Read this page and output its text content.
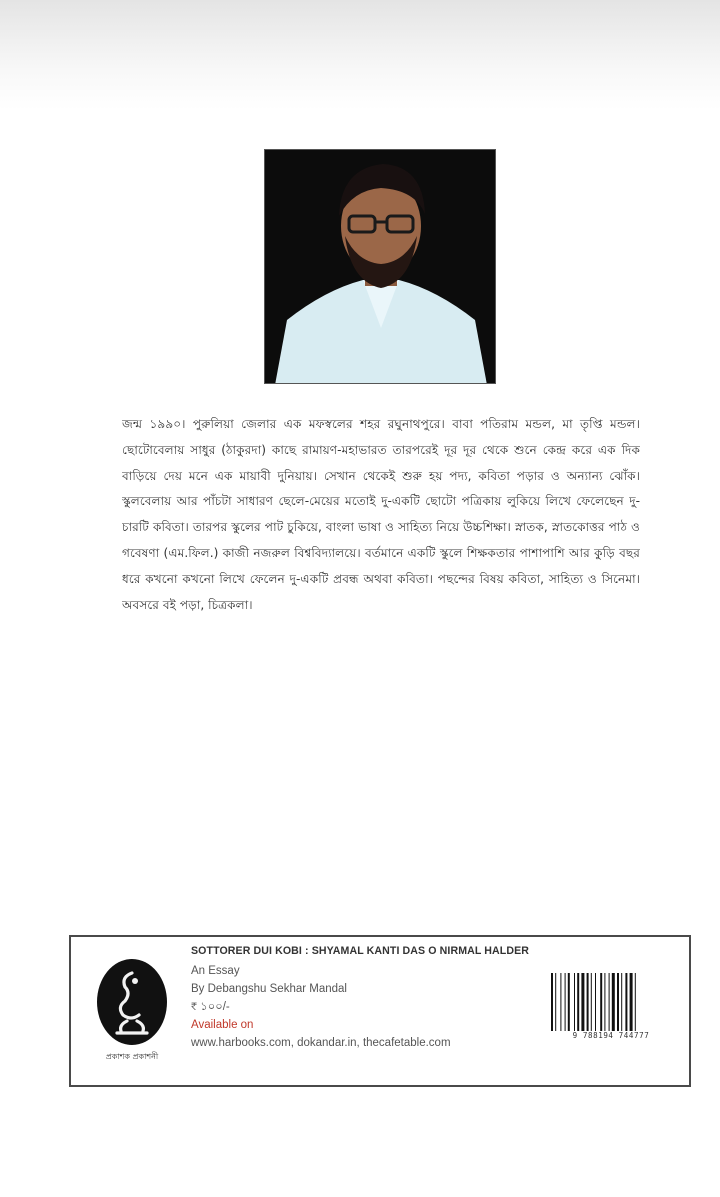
জন্ম ১৯৯০। পুরুলিয়া জেলার এক মফস্বলের শহর রঘুনাথপুরে। বাবা পতিরাম মন্ডল, মা তৃপ্তি মন্ডল। ছোটোবেলায় সাধুর (ঠাকুরদা) কাছে রামায়ণ-মহাভারত তারপরেই দূর দূর থেকে শুনে কেন্দ্র করে এক দিক বাড়িয়ে দেয় মনে এক মায়াবী দুনিয়ায়। সেখান থেকেই শুরু হয় পদ্য, কবিতা পড়ার ও অন্যান্য ঝোঁক। স্কুলবেলায় আর পাঁচটা সাধারণ ছেলে-মেয়ের মতোই দু-একটি ছোটো পত্রিকায় লুকিয়ে লিখে ফেলেছেন দু-চারটি কবিতা। তারপর স্কুলের পাট চুকিয়ে, বাংলা ভাষা ও সাহিত্য নিয়ে উচ্চশিক্ষা। স্নাতক, স্নাতকোত্তর পাঠ ও গবেষণা (এম.ফিল.) কাজী নজরুল বিশ্ববিদ্যালয়ে। বর্তমানে একটি স্কুলে শিক্ষকতার পাশাপাশি আর কুড়ি বছর ধরে কখনো কখনো লিখে ফেলেন দু-একটি প্রবন্ধ অথবা কবিতা। পছন্দের বিষয় কবিতা, সাহিত্য ও সিনেমা। অবসরে বই পড়া, চিত্রকলা।
প্রকাশক প্রকাশনী
SOTTORER DUI KOBI : SHYAMAL KANTI DAS O NIRMAL HALDER
An Essay
By Debangshu Sekhar Mandal
₹ ১০০/-
Available on
www.harbooks.com, dokandar.in, thecafetable.com
9 788194 744777
